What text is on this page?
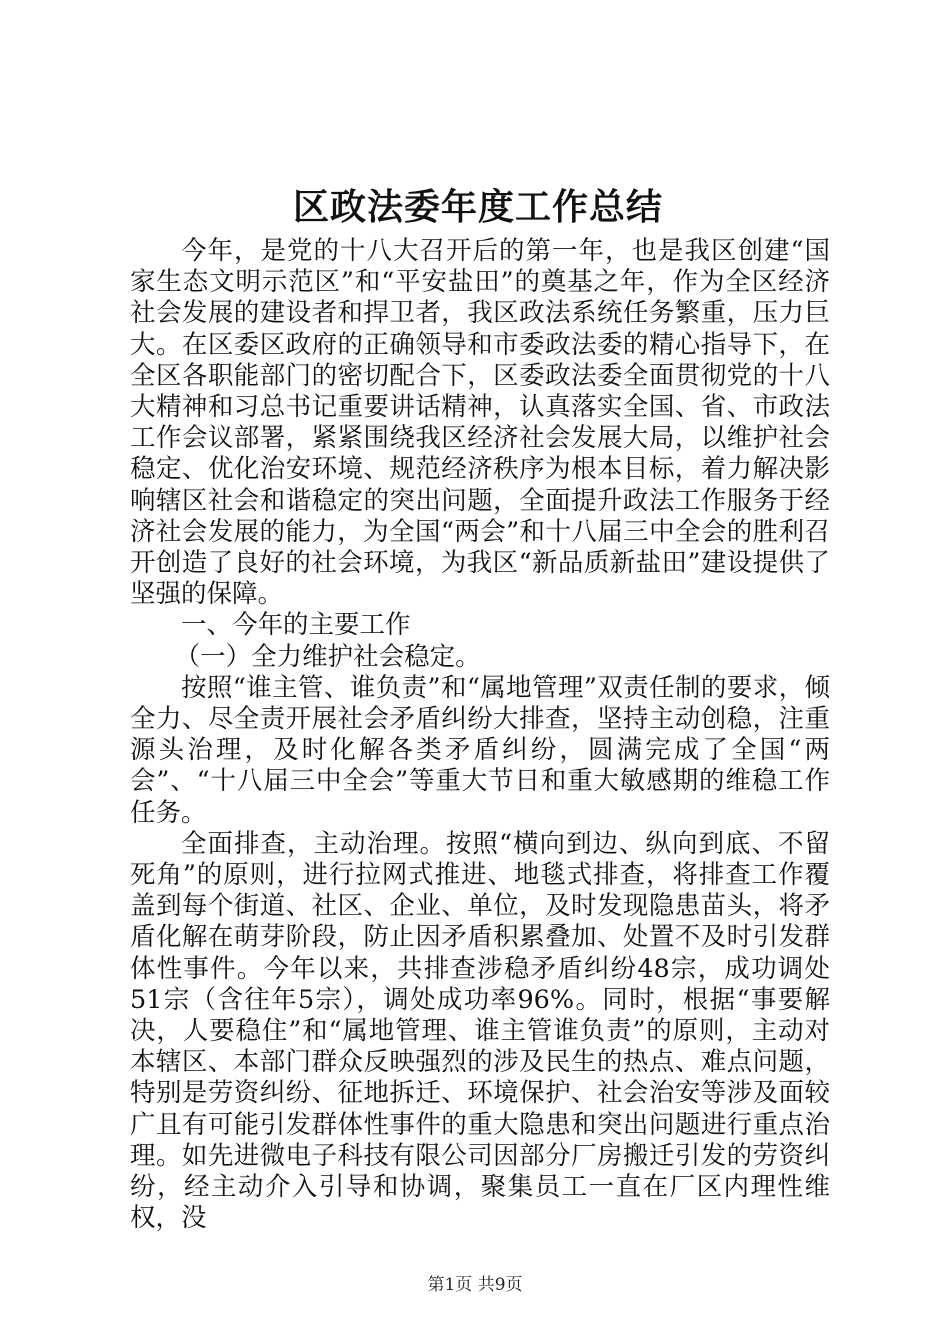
区政法委年度工作总结

今年，是党的十八大召开后的第一年，也是我区创建“国家生态文明示范区”和“平安盐田”的奠基之年，作为全区经济社会发展的建设者和捍卫者，我区政法系统任务繁重，压力巨大。在区委区政府的正确领导和市委政法委的精心指导下，在全区各职能部门的密切配合下，区委政法委全面贯彻党的十八大精神和习总书记重要讲话精神，认真落实全国、省、市政法工作会议部署，紧紧围绕我区经济社会发展大局，以维护社会稳定、优化治安环境、规范经济秩序为根本目标，着力解决影响辖区社会和谐稳定的突出问题，全面提升政法工作服务于经济社会发展的能力，为全国“两会”和十八届三中全会的胜利召开创造了良好的社会环境，为我区“新品质新盐田”建设提供了坚强的保障。

一、今年的主要工作

（一）全力维护社会稳定。

按照“谁主管、谁负责”和“属地管理”双责任制的要求，倾全力、尽全责开展社会矛盾纠纷大排查，坚持主动创稳，注重源头治理，及时化解各类矛盾纠纷，圆满完成了全国“两会”、“十八届三中全会”等重大节日和重大敏感期的维稳工作任务。

全面排查，主动治理。按照“横向到边、纵向到底、不留死角”的原则，进行拉网式推进、地毯式排查，将排查工作覆盖到每个街道、社区、企业、单位，及时发现隐患苗头，将矛盾化解在萌芽阶段，防止因矛盾积累叠加、处置不及时引发群体性事件。今年以来，共排查涉稳矛盾纠纷48宗，成功调处51宗（含往年5宗），调处成功率96%。同时，根据“事要解决，人要稳住”和“属地管理、谁主管谁负责”的原则，主动对本辖区、本部门群众反映强烈的涉及民生的热点、难点问题，特别是劳资纠纷、征地拆迁、环境保护、社会治安等涉及面较广且有可能引发群体性事件的重大隐患和突出问题进行重点治理。如先进微电子科技有限公司因部分厂房搬迁引发的劳资纠纷，经主动介入引导和协调，聚集员工一直在厂区内理性维权，没

第1页 共9页
